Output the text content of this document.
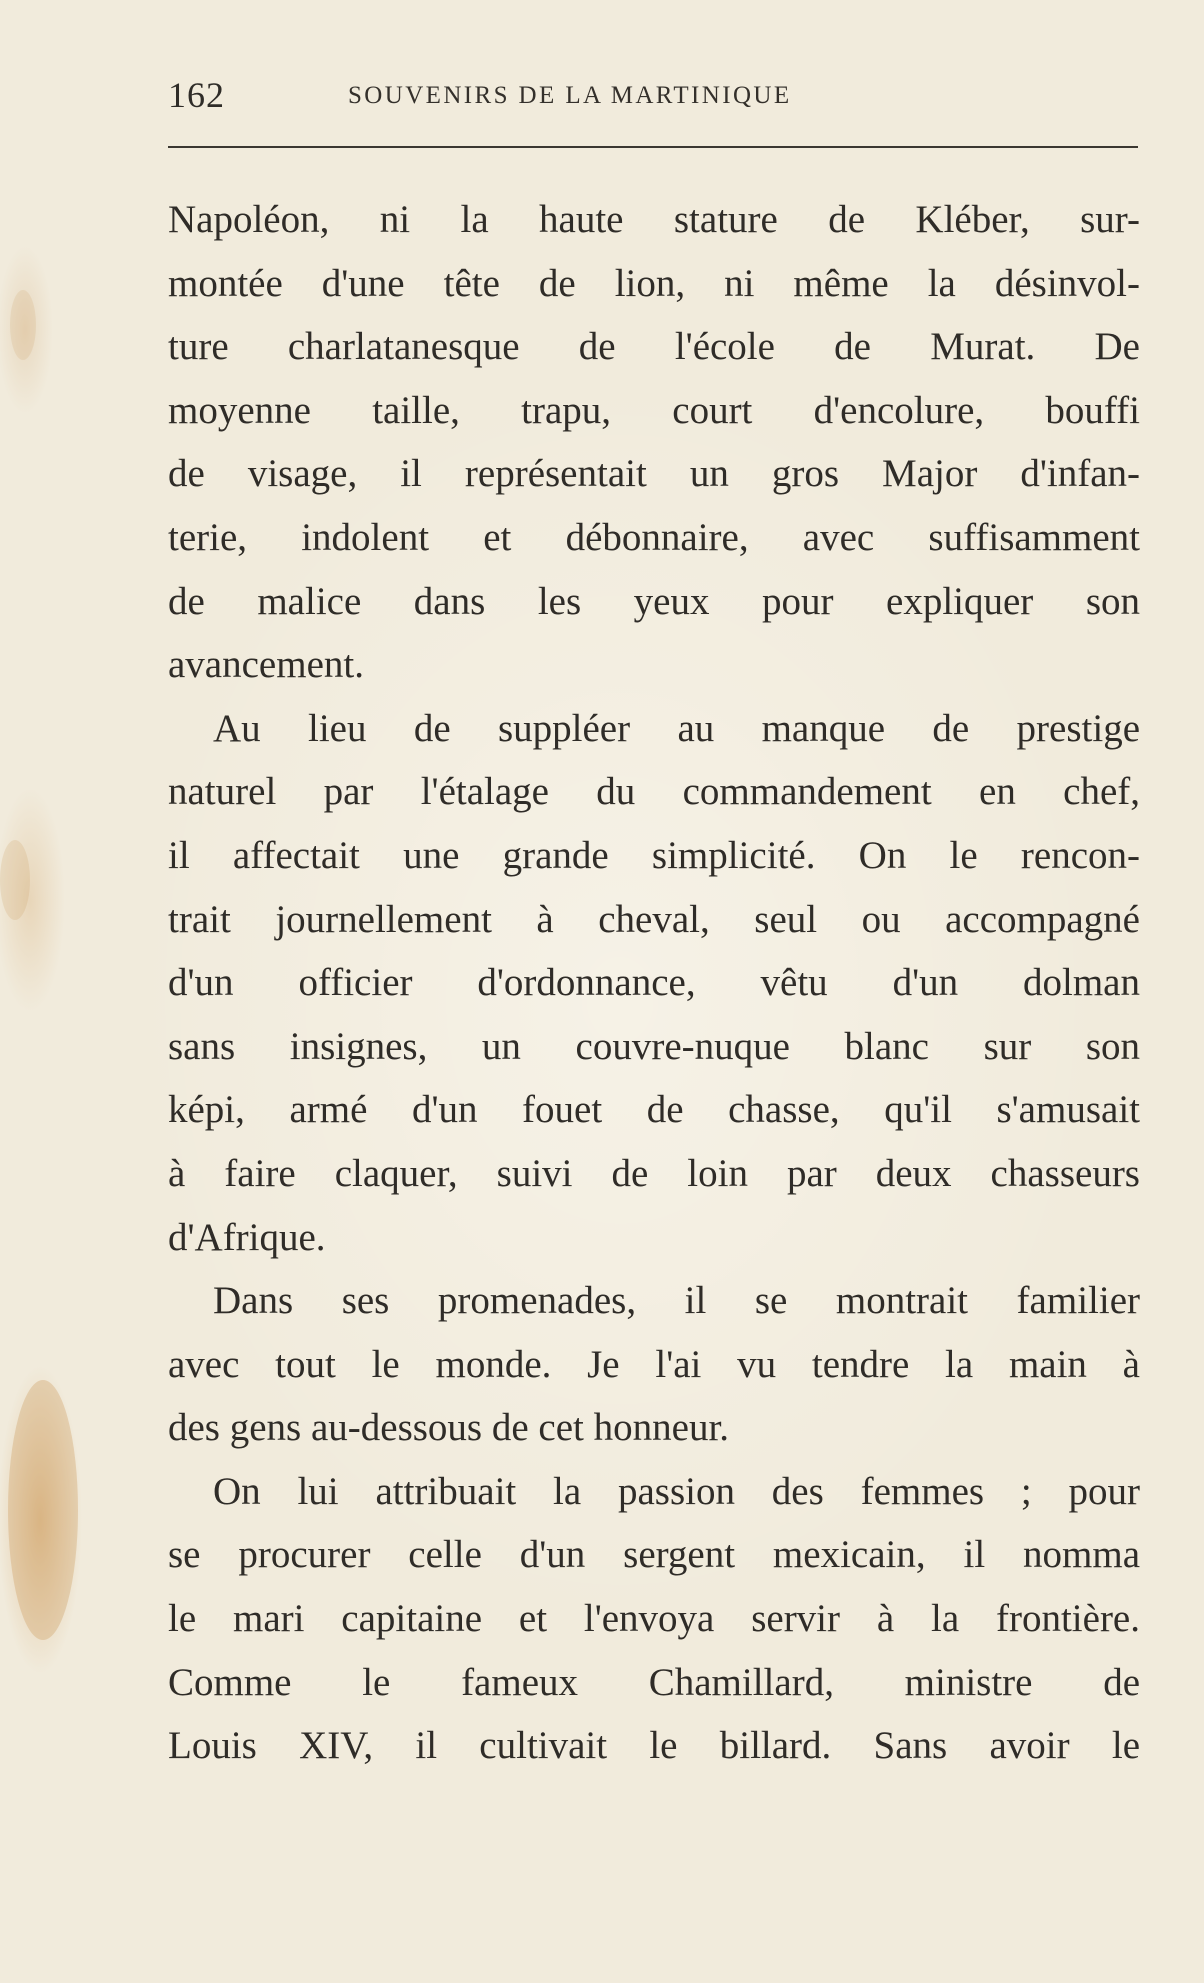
162	SOUVENIRS DE LA MARTINIQUE
Napoléon, ni la haute stature de Kléber, sur-
montée d'une tête de lion, ni même la désinvol-
ture charlatanesque de l'école de Murat. De
moyenne taille, trapu, court d'encolure, bouffi
de visage, il représentait un gros Major d'infan-
terie, indolent et débonnaire, avec suffisamment
de malice dans les yeux pour expliquer son
avancement.
Au lieu de suppléer au manque de prestige
naturel par l'étalage du commandement en chef,
il affectait une grande simplicité. On le rencon-
trait journellement à cheval, seul ou accompagné
d'un officier d'ordonnance, vêtu d'un dolman
sans insignes, un couvre-nuque blanc sur son
képi, armé d'un fouet de chasse, qu'il s'amusait
à faire claquer, suivi de loin par deux chasseurs
d'Afrique.
Dans ses promenades, il se montrait familier
avec tout le monde. Je l'ai vu tendre la main à
des gens au-dessous de cet honneur.
On lui attribuait la passion des femmes ; pour
se procurer celle d'un sergent mexicain, il nomma
le mari capitaine et l'envoya servir à la frontière.
Comme le fameux Chamillard, ministre de
Louis XIV, il cultivait le billard. Sans avoir le
